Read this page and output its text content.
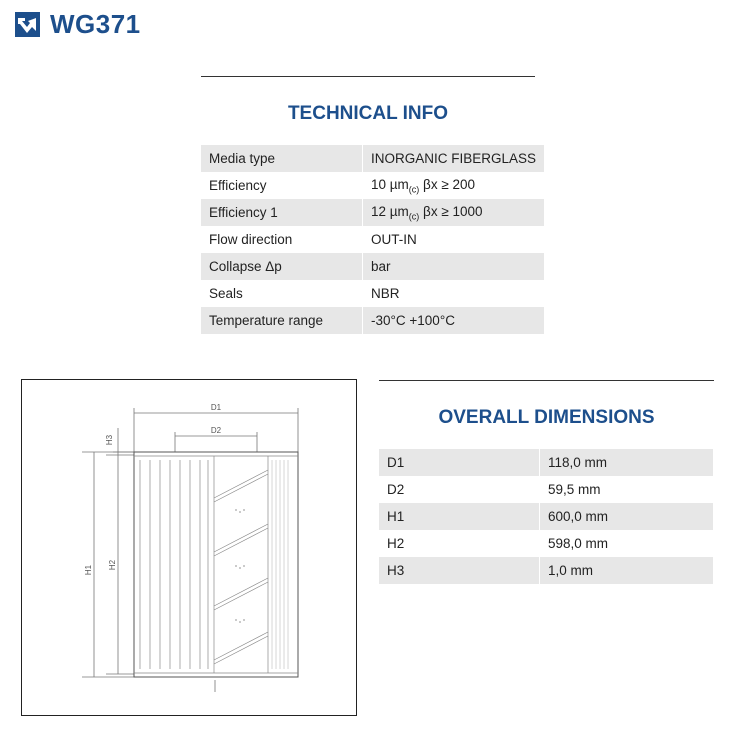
WG371
TECHNICAL INFO
Media type	INORGANIC FIBERGLASS
Efficiency	10 µm$_{(c)}$ βx ≥ 200
Efficiency 1	12 µm$_{(c)}$ βx ≥ 1000
Flow direction	OUT-IN
Collapse Δp	bar
Seals	NBR
Temperature range	-30°C +100°C
D1
D2
H1 H2
H3
OVERALL DIMENSIONS
D1	118,0 mm
D2	59,5 mm
H1	600,0 mm
H2	598,0 mm
H3	1,0 mm
